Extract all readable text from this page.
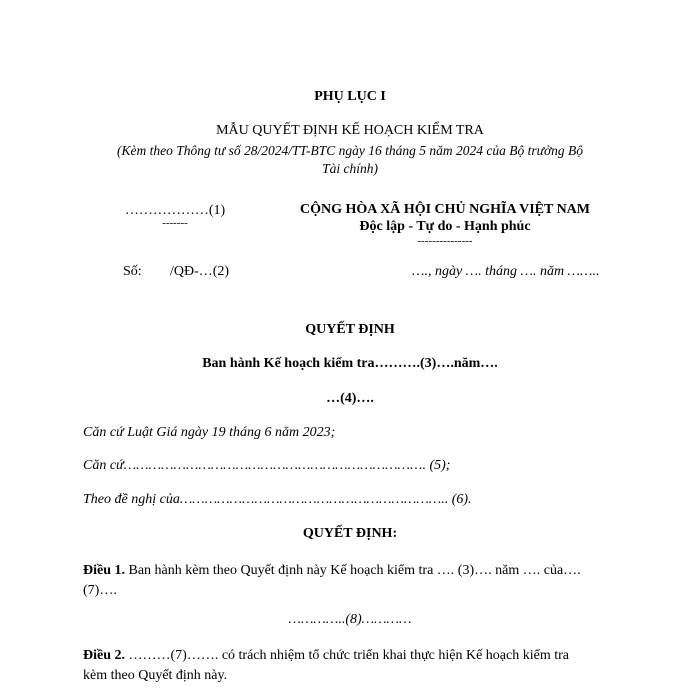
PHỤ LỤC I
MẪU QUYẾT ĐỊNH KẾ HOẠCH KIỂM TRA
(Kèm theo Thông tư số 28/2024/TT-BTC ngày 16 tháng 5 năm 2024 của Bộ trưởng Bộ
Tài chính)
………………(1)
-------
CỘNG HÒA XÃ HỘI CHỦ NGHĨA VIỆT NAM
Độc lập - Tự do - Hạnh phúc
---------------
Số: /QĐ-…(2)	…., ngày …. tháng …. năm ……..
QUYẾT ĐỊNH
Ban hành Kế hoạch kiểm tra……….(3)….năm….
…(4)….
Căn cứ Luật Giá ngày 19 tháng 6 năm 2023;
Căn cứ………………………………………………………………. (5);
Theo đề nghị của……………………………………………………….. (6).
QUYẾT ĐỊNH:
Điều 1. Ban hành kèm theo Quyết định này Kế hoạch kiểm tra …. (3)…. năm …. của….
(7)….
…………..(8)…………
Điều 2. ………(7)……. có trách nhiệm tổ chức triển khai thực hiện Kế hoạch kiểm tra
kèm theo Quyết định này.
